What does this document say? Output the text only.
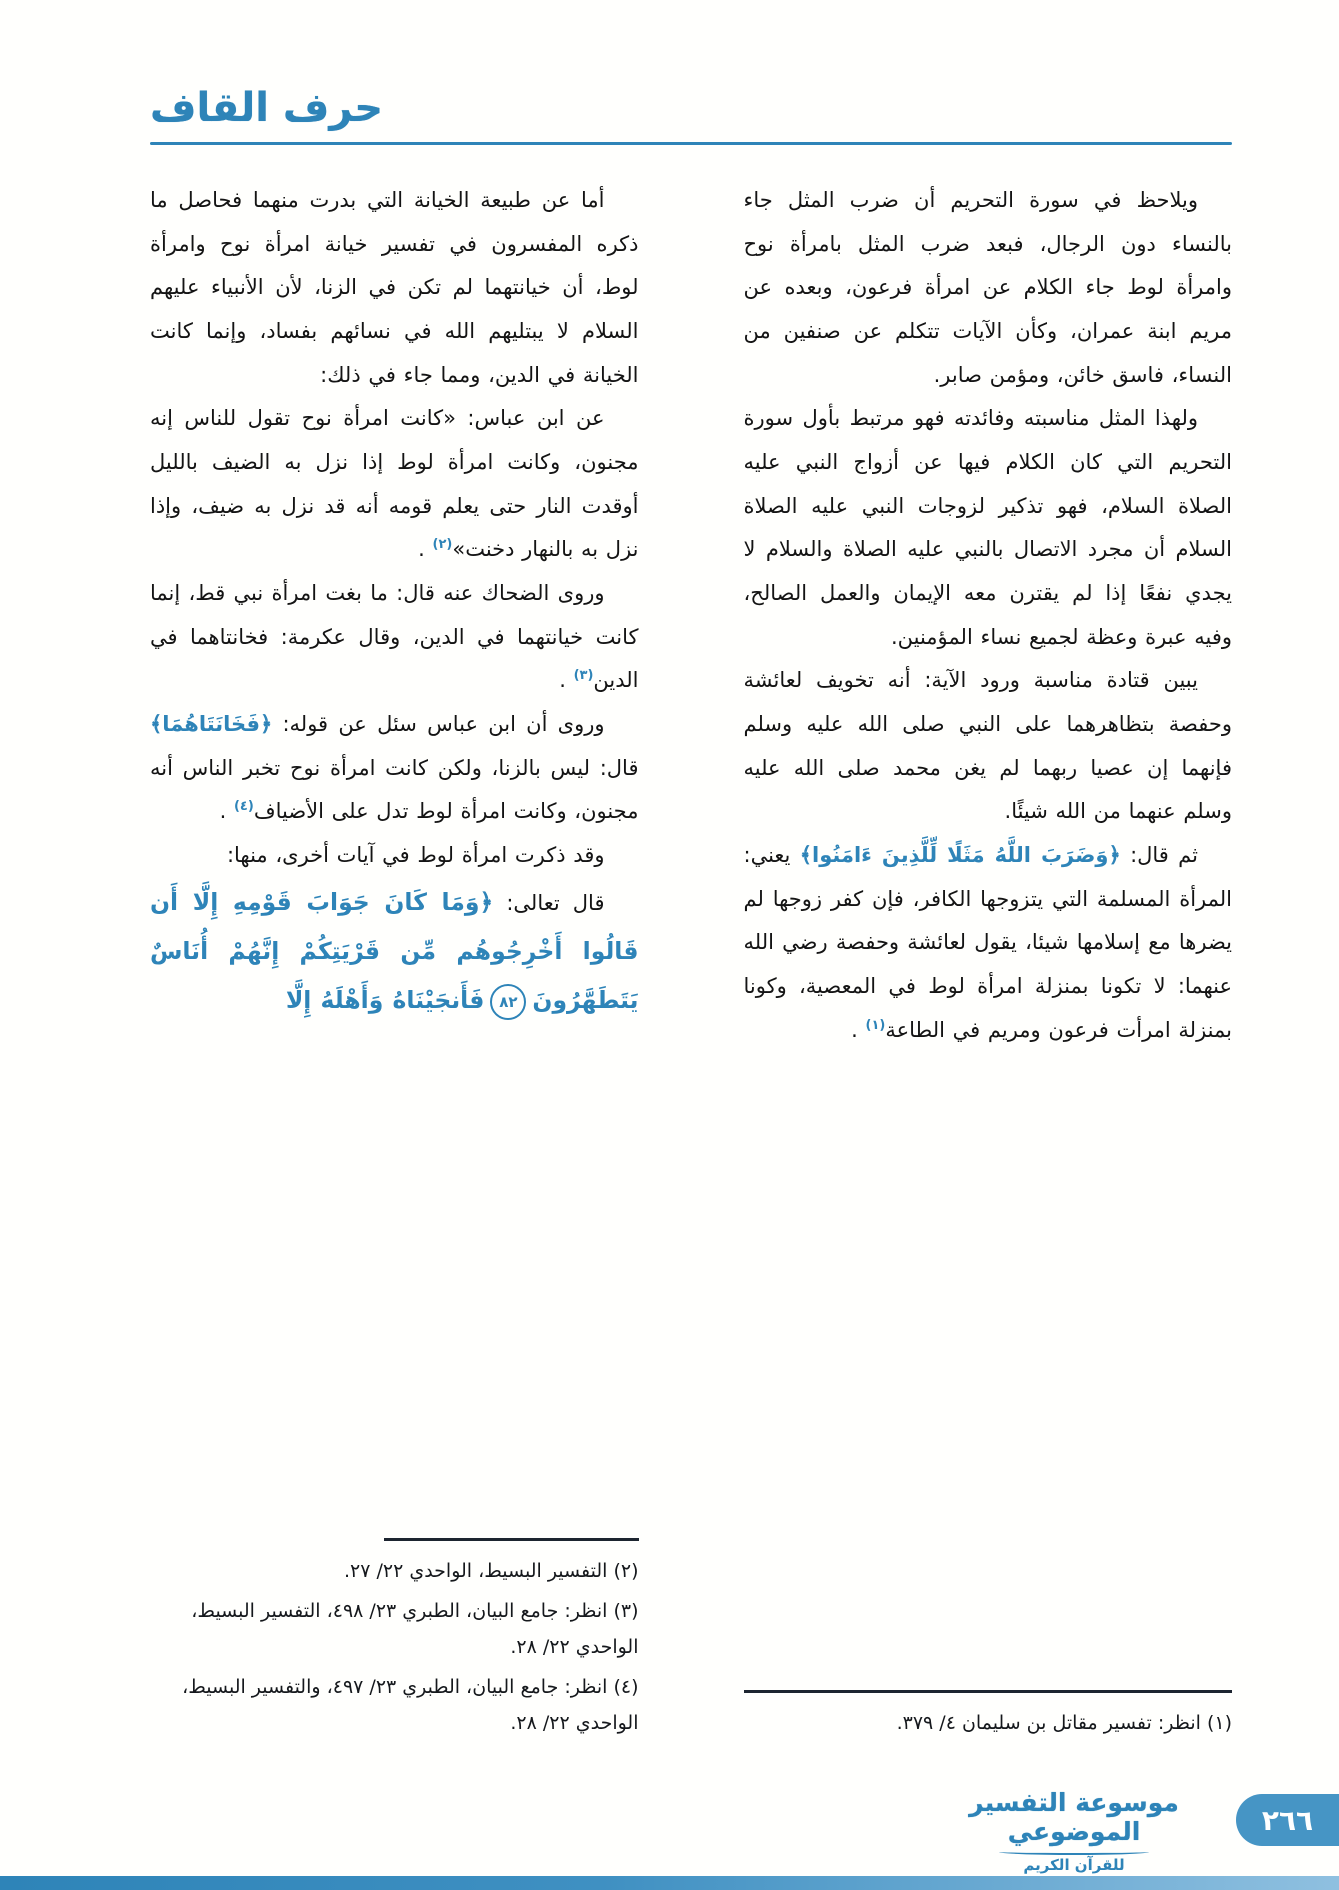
حرف القاف

ويلاحظ في سورة التحريم أن ضرب المثل جاء بالنساء دون الرجال، فبعد ضرب المثل بامرأة نوح وامرأة لوط جاء الكلام عن امرأة فرعون، وبعده عن مريم ابنة عمران، وكأن الآيات تتكلم عن صنفين من النساء، فاسق خائن، ومؤمن صابر.

ولهذا المثل مناسبته وفائدته فهو مرتبط بأول سورة التحريم التي كان الكلام فيها عن أزواج النبي عليه الصلاة السلام، فهو تذكير لزوجات النبي عليه الصلاة السلام أن مجرد الاتصال بالنبي عليه الصلاة والسلام لا يجدي نفعًا إذا لم يقترن معه الإيمان والعمل الصالح، وفيه عبرة وعظة لجميع نساء المؤمنين.

يبين قتادة مناسبة ورود الآية: أنه تخويف لعائشة وحفصة بتظاهرهما على النبي صلى الله عليه وسلم فإنهما إن عصيا ربهما لم يغن محمد صلى الله عليه وسلم عنهما من الله شيئًا.

ثم قال: ﴿وَضَرَبَ اللَّهُ مَثَلًا لِّلَّذِينَ ءَامَنُوا﴾ يعني: المرأة المسلمة التي يتزوجها الكافر، فإن كفر زوجها لم يضرها مع إسلامها شيئا، يقول لعائشة وحفصة رضي الله عنهما: لا تكونا بمنزلة امرأة لوط في المعصية، وكونا بمنزلة امرأت فرعون ومريم في الطاعة$^{(١)}$ .

(١) انظر: تفسير مقاتل بن سليمان ٤/ ٣٧٩.

أما عن طبيعة الخيانة التي بدرت منهما فحاصل ما ذكره المفسرون في تفسير خيانة امرأة نوح وامرأة لوط، أن خيانتهما لم تكن في الزنا، لأن الأنبياء عليهم السلام لا يبتليهم الله في نسائهم بفساد، وإنما كانت الخيانة في الدين، ومما جاء في ذلك:

عن ابن عباس: «كانت امرأة نوح تقول للناس إنه مجنون، وكانت امرأة لوط إذا نزل به الضيف بالليل أوقدت النار حتى يعلم قومه أنه قد نزل به ضيف، وإذا نزل به بالنهار دخنت»$^{(٢)}$ .

وروى الضحاك عنه قال: ما بغت امرأة نبي قط، إنما كانت خيانتهما في الدين، وقال عكرمة: فخانتاهما في الدين$^{(٣)}$ .

وروى أن ابن عباس سئل عن قوله: ﴿فَخَانَتَاهُمَا﴾ قال: ليس بالزنا، ولكن كانت امرأة نوح تخبر الناس أنه مجنون، وكانت امرأة لوط تدل على الأضياف$^{(٤)}$ .

وقد ذكرت امرأة لوط في آيات أخرى، منها:

قال تعالى: ﴿وَمَا كَانَ جَوَابَ قَوْمِهِ إِلَّا أَن قَالُوا أَخْرِجُوهُم مِّن قَرْيَتِكُمْ إِنَّهُمْ أُنَاسٌ يَتَطَهَّرُونَ٨٢فَأَنجَيْنَاهُ وَأَهْلَهُ إِلَّا

(٢) التفسير البسيط، الواحدي ٢٢/ ٢٧.

(٣) انظر: جامع البيان، الطبري ٢٣/ ٤٩٨، التفسير البسيط، الواحدي ٢٢/ ٢٨.

(٤) انظر: جامع البيان، الطبري ٢٣/ ٤٩٧، والتفسير البسيط، الواحدي ٢٢/ ٢٨.

موسوعة التفسير الموضوعي
للقرآن الكريم
٢٦٦
